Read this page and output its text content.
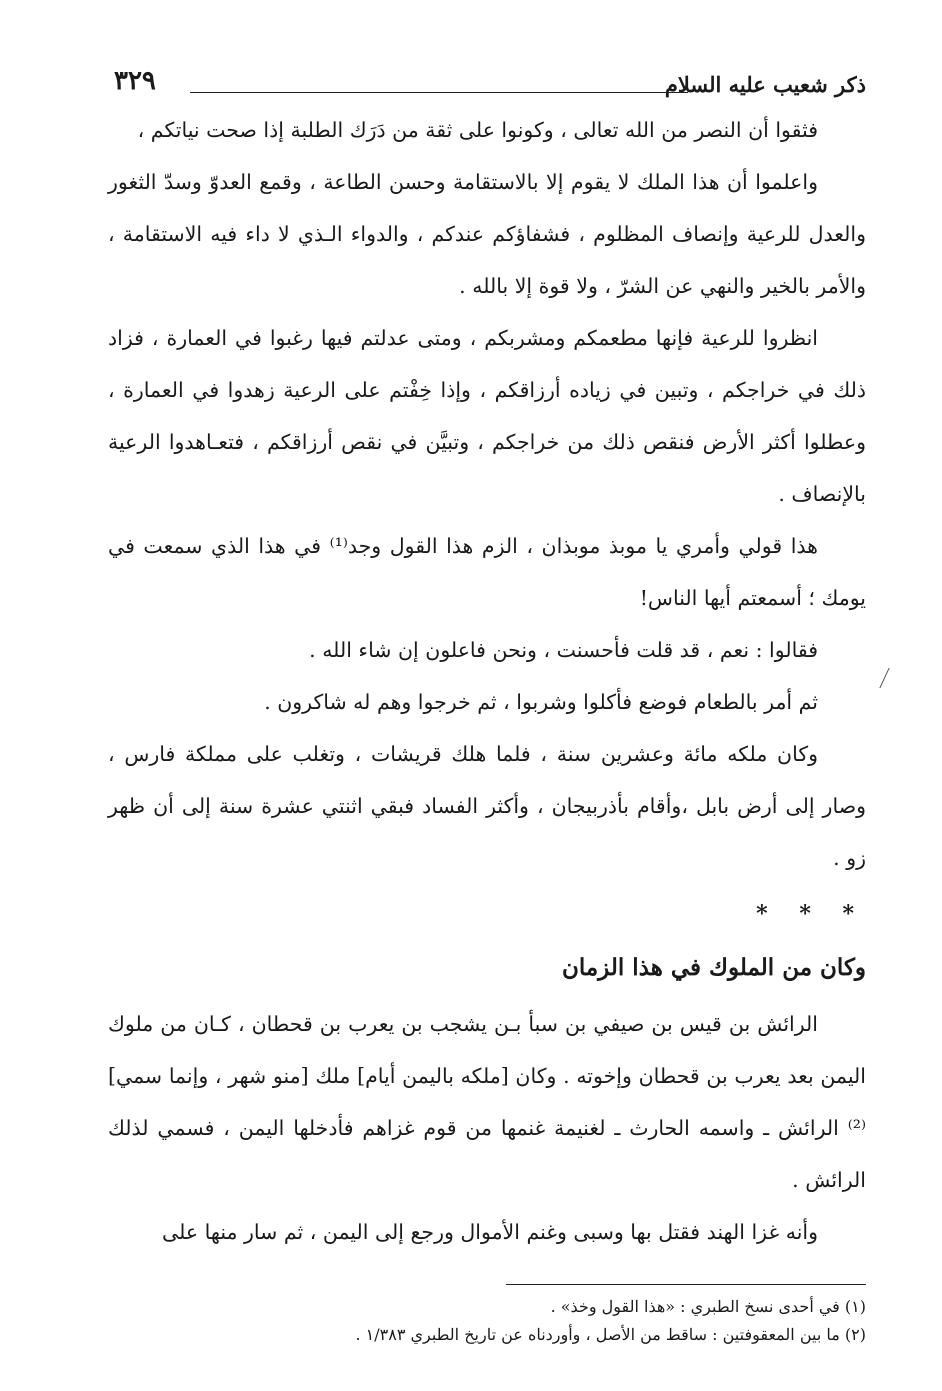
ذكر شعيب عليه السلام
٣٢٩

فثقوا أن النصر من الله تعالى ، وكونوا على ثقة من دَرَك الطلبة إذا صحت نياتكم ،

واعلموا أن هذا الملك لا يقوم إلا بالاستقامة وحسن الطاعة ، وقمع العدوّ وسدّ الثغور والعدل للرعية وإنصاف المظلوم ، فشفاؤكم عندكم ، والدواء الـذي لا داء فيه الاستقامة ، والأمر بالخير والنهي عن الشرّ ، ولا قوة إلا بالله .

انظروا للرعية فإنها مطعمكم ومشربكم ، ومتى عدلتم فيها رغبوا في العمارة ، فزاد ذلك في خراجكم ، وتبين في زياده أرزاقكم ، وإذا خِفْتم على الرعية زهدوا في العمارة ، وعطلوا أكثر الأرض فنقص ذلك من خراجكم ، وتبيَّن في نقص أرزاقكم ، فتعـاهدوا الرعية بالإنصاف .

هذا قولي وأمري يا موبذ موبذان ، الزم هذا القول وجد⁽¹⁾ في هذا الذي سمعت في يومك ؛ أسمعتم أيها الناس!

فقالوا : نعم ، قد قلت فأحسنت ، ونحن فاعلون إن شاء الله .

ثم أمر بالطعام فوضع فأكلوا وشربوا ، ثم خرجوا وهم له شاكرون .

وكان ملكه مائة وعشرين سنة ، فلما هلك قريشات ، وتغلب على مملكة فارس ، وصار إلى أرض بابل ،وأقام بأذربيجان ، وأكثر الفساد فبقي اثنتي عشرة سنة إلى أن ظهر زو .

* * *
وكان من الملوك في هذا الزمان

الرائش بن قيس بن صيفي بن سبأ بـن يشجب بن يعرب بن قحطان ، كـان من ملوك اليمن بعد يعرب بن قحطان وإخوته . وكان [ملكه باليمن أيام] ملك [منو شهر ، وإنما سمي]⁽²⁾ الرائش ـ واسمه الحارث ـ لغنيمة غنمها من قوم غزاهم فأدخلها اليمن ، فسمي لذلك الرائش .

وأنه غزا الهند فقتل بها وسبى وغنم الأموال ورجع إلى اليمن ، ثم سار منها على

(١) في أحدى نسخ الطبري : «هذا القول وخذ» .
(٢) ما بين المعقوفتين : ساقط من الأصل ، وأوردناه عن تاريخ الطبري ١/٣٨٣ .
